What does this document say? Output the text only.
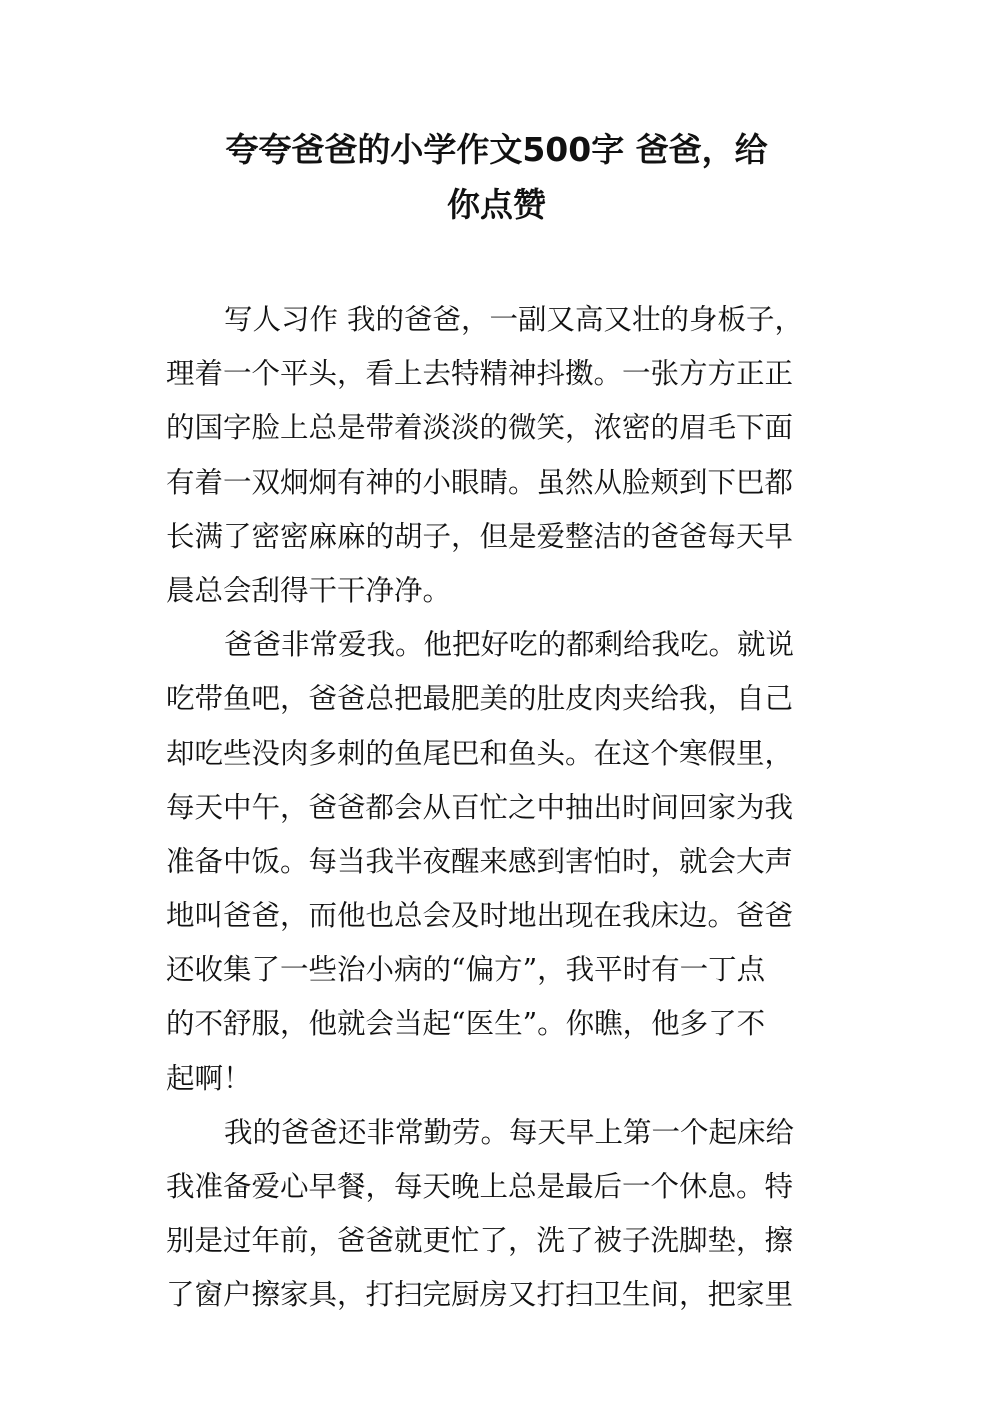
夸夸爸爸的小学作文500字 爸爸，给
你点赞
写人习作 我的爸爸，一副又高又壮的身板子，
理着一个平头，看上去特精神抖擞。一张方方正正
的国字脸上总是带着淡淡的微笑，浓密的眉毛下面
有着一双炯炯有神的小眼睛。虽然从脸颊到下巴都
长满了密密麻麻的胡子，但是爱整洁的爸爸每天早
晨总会刮得干干净净。
爸爸非常爱我。他把好吃的都剩给我吃。就说
吃带鱼吧，爸爸总把最肥美的肚皮肉夹给我，自己
却吃些没肉多刺的鱼尾巴和鱼头。在这个寒假里，
每天中午，爸爸都会从百忙之中抽出时间回家为我
准备中饭。每当我半夜醒来感到害怕时，就会大声
地叫爸爸，而他也总会及时地出现在我床边。爸爸
还收集了一些治小病的“偏方”，我平时有一丁点
的不舒服，他就会当起“医生”。你瞧，他多了不
起啊！
我的爸爸还非常勤劳。每天早上第一个起床给
我准备爱心早餐，每天晚上总是最后一个休息。特
别是过年前，爸爸就更忙了，洗了被子洗脚垫，擦
了窗户擦家具，打扫完厨房又打扫卫生间，把家里
